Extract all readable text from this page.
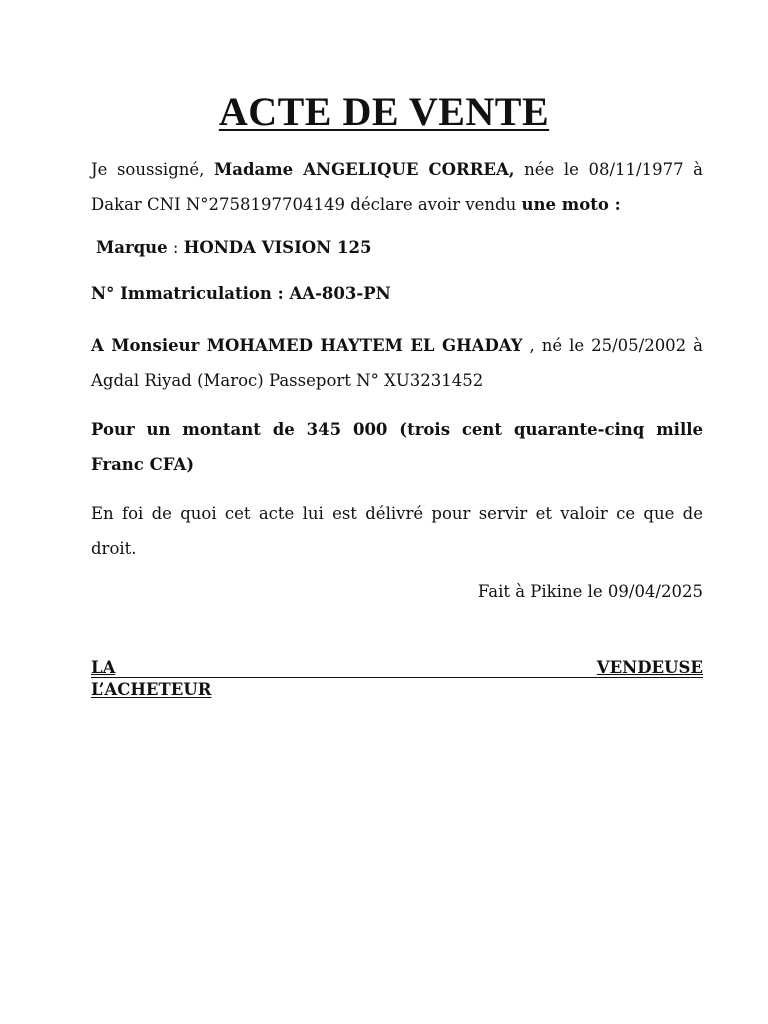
ACTE DE VENTE

Je soussigné, Madame ANGELIQUE CORREA, née le 08/11/1977 à Dakar CNI N°2758197704149 déclare avoir vendu une moto :

Marque : HONDA VISION 125

N° Immatriculation : AA-803-PN

A Monsieur MOHAMED HAYTEM EL GHADAY , né le 25/05/2002 à Agdal Riyad (Maroc) Passeport N° XU3231452

Pour un montant de 345 000 (trois cent quarante-cinq mille Franc CFA)

En foi de quoi cet acte lui est délivré pour servir et valoir ce que de droit.

Fait à Pikine le 09/04/2025

LA	VENDEUSE
L’ACHETEUR
